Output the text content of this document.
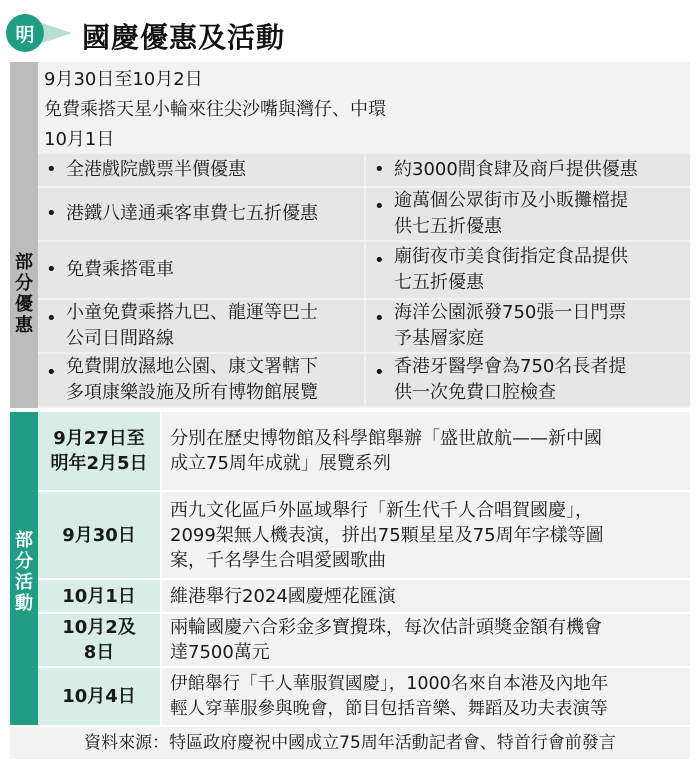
明	國慶優惠及活動
部
分
優
惠
9月30日至10月2日
免費乘搭天星小輪來往尖沙嘴與灣仔、中環
10月1日
• 全港戲院戲票半價優惠
• 港鐵八達通乘客車費七五折優惠
• 免費乘搭電車
• 小童免費乘搭九巴、龍運等巴士
公司日間路線
• 免費開放濕地公園、康文署轄下
多項康樂設施及所有博物館展覽
• 約3000間食肆及商戶提供優惠
• 逾萬個公眾街市及小販攤檔提
供七五折優惠
• 廟街夜市美食街指定食品提供
七五折優惠
• 海洋公園派發750張一日門票
予基層家庭
• 香港牙醫學會為750名長者提
供一次免費口腔檢查
部
分
活
動
9月27日至
明年2月5日
分別在歷史博物館及科學館舉辦「盛世啟航——新中國
成立75周年成就」展覽系列
9月30日
西九文化區戶外區域舉行「新生代千人合唱賀國慶」，
2099架無人機表演，拼出75顆星星及75周年字樣等圖
案，千名學生合唱愛國歌曲
10月1日 維港舉行2024國慶煙花匯演
10月2及
8日
兩輪國慶六合彩金多寶攪珠，每次估計頭獎金額有機會
達7500萬元
10月4日
伊館舉行「千人華服賀國慶」，1000名來自本港及內地年
輕人穿華服參與晚會，節目包括音樂、舞蹈及功夫表演等
資料來源：特區政府慶祝中國成立75周年活動記者會、特首行會前發言
